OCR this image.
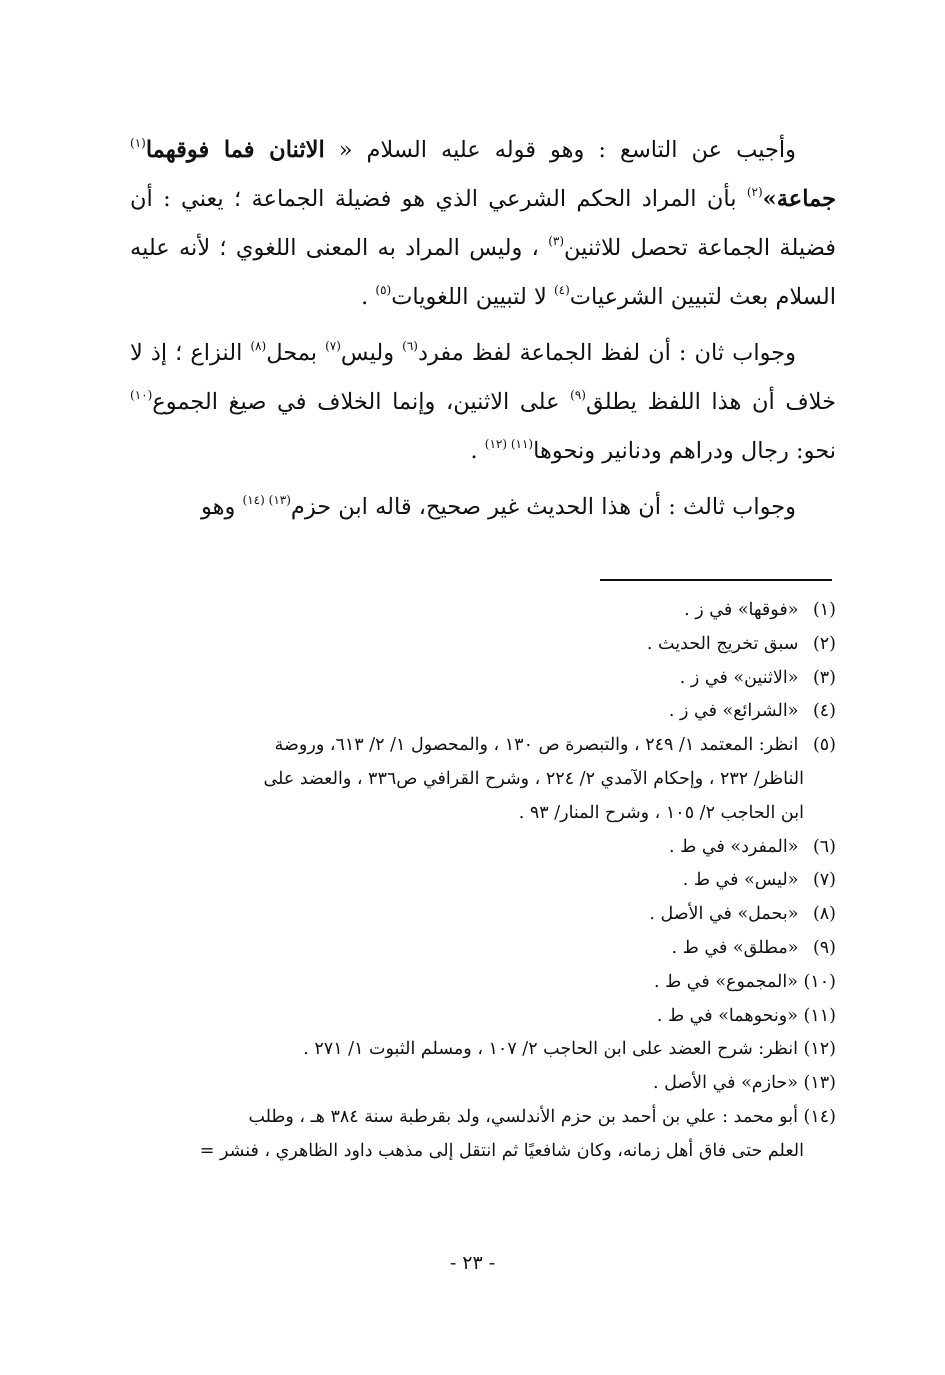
وأجيب عن التاسع : وهو قوله عليه السلام « الاثنان فما فوقهما$^{(١)}$ جماعة»$^{(٢)}$ بأن المراد الحكم الشرعي الذي هو فضيلة الجماعة ؛ يعني : أن فضيلة الجماعة تحصل للاثنين$^{(٣)}$ ، وليس المراد به المعنى اللغوي ؛ لأنه عليه السلام بعث لتبيين الشرعيات$^{(٤)}$ لا لتبيين اللغويات$^{(٥)}$ .

وجواب ثان : أن لفظ الجماعة لفظ مفرد$^{(٦)}$ وليس$^{(٧)}$ بمحل$^{(٨)}$ النزاع ؛ إذ لا خلاف أن هذا اللفظ يطلق$^{(٩)}$ على الاثنين، وإنما الخلاف في صيغ الجموع$^{(١٠)}$ نحو: رجال ودراهم ودنانير ونحوها$^{(١١) (١٢)}$ .

وجواب ثالث : أن هذا الحديث غير صحيح، قاله ابن حزم$^{(١٣) (١٤)}$ وهو

(١) «فوقها» في ز .
(٢) سبق تخريج الحديث .
(٣) «الاثنين» في ز .
(٤) «الشرائع» في ز .
(٥) انظر: المعتمد ١/ ٢٤٩ ، والتبصرة ص ١٣٠ ، والمحصول ١/ ٢/ ٦١٣، وروضة
الناظر/ ٢٣٢ ، وإحكام الآمدي ٢/ ٢٢٤ ، وشرح القرافي ص٣٣٦ ، والعضد على
ابن الحاجب ٢/ ١٠٥ ، وشرح المنار/ ٩٣ .
(٦) «المفرد» في ط .
(٧) «ليس» في ط .
(٨) «بحمل» في الأصل .
(٩) «مطلق» في ط .
(١٠) «المجموع» في ط .
(١١) «ونحوهما» في ط .
(١٢) انظر: شرح العضد على ابن الحاجب ٢/ ١٠٧ ، ومسلم الثبوت ١/ ٢٧١ .
(١٣) «حازم» في الأصل .
(١٤) أبو محمد : علي بن أحمد بن حزم الأندلسي، ولد بقرطبة سنة ٣٨٤ هـ ، وطلب
العلم حتى فاق أهل زمانه، وكان شافعيًا ثم انتقل إلى مذهب داود الظاهري ، فنشر =
- ٢٣ -
